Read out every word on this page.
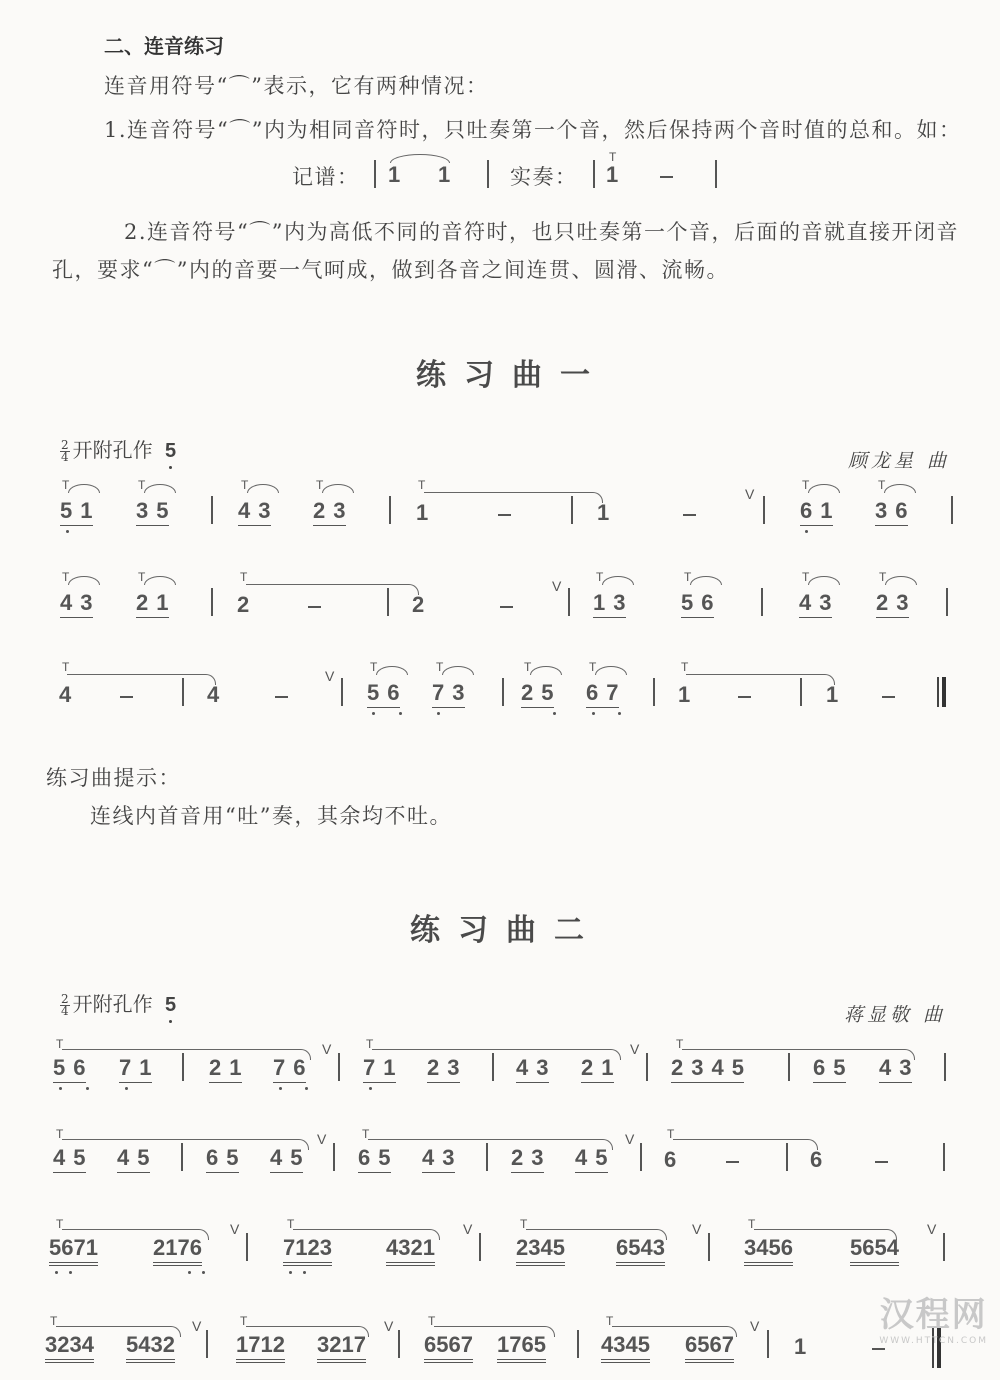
二、连音练习
连音用符号“⌒”表示，它有两种情况：
1.连音符号“⌒”内为相同音符时，只吐奏第一个音，然后保持两个音时值的总和。如：
记谱： 1 1	实奏：
T
1
2.连音符号“⌒”内为高低不同的音符时，也只吐奏第一个音，后面的音就直接开闭音
孔，要求“⌒”内的音要一气呵成，做到各音之间连贯、圆滑、流畅。
练习曲一
$\frac{2}{4}$ 开附孔作 5	顾龙星 曲
T
5 1
T
3 5
T
4 3
T
2 3
T
1	1
V
T
6 1
T
3 6
T
4 3
T
2 1
T
2	2
V
T
1 3
T
5 6
T
4 3
T
2 3
T
4	4
V
T
5 6
T
7 3
T
2 5
T
6 7
T
1	1
练习曲提示：
连线内首音用“吐”奏，其余均不吐。
练习曲二
$\frac{2}{4}$ 开附孔作 5	蒋显敬 曲
T
5 6 7 1	2 1 7 6
V	T
7 1 2 3	4 3 2 1
V	T
2 3 4 5	6 5 4 3
T
4 5 4 5	6 5 4 5
V	T
6 5 4 3	2 3 4 5
V	T
6	6
T
5671	2176
V	T
7123 4321
V	T
2345 6543
V	T
3456	5654
V
T
3234 5432
V	T
1712 3217
V	T
6567 1765
T
4345 6567
V
1
汉程网
WWW.HTTCN.COM
